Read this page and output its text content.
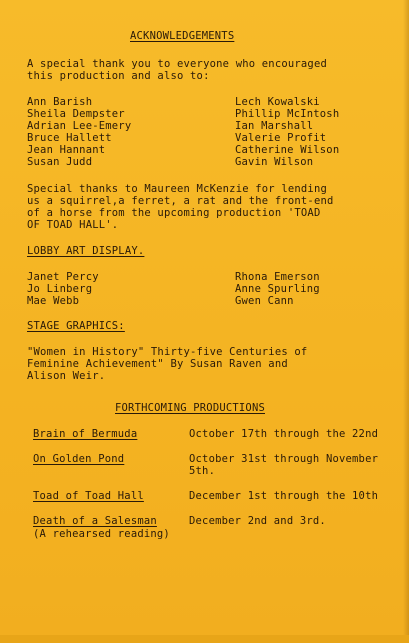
ACKNOWLEDGEMENTS
A special thank you to everyone who encouraged
this production and also to:
Ann Barish
Sheila Dempster
Adrian Lee-Emery
Bruce Hallett
Jean Hannant
Susan Judd
Lech Kowalski
Phillip McIntosh
Ian Marshall
Valerie Profit
Catherine Wilson
Gavin Wilson
Special thanks to Maureen McKenzie for lending
us a squirrel,a ferret, a rat and the front-end
of a horse from the upcoming production 'TOAD
OF TOAD HALL'.
LOBBY ART DISPLAY.
Janet Percy
Jo Linberg
Mae Webb
Rhona Emerson
Anne Spurling
Gwen Cann
STAGE GRAPHICS:
"Women in History" Thirty-five Centuries of
Feminine Achievement" By Susan Raven and
Alison Weir.
FORTHCOMING PRODUCTIONS
Brain of Bermuda	October 17th through the 22nd
On Golden Pond	October 31st through November
5th.
Toad of Toad Hall	December 1st through the 10th
Death of a Salesman	December 2nd and 3rd.
(A rehearsed reading)
